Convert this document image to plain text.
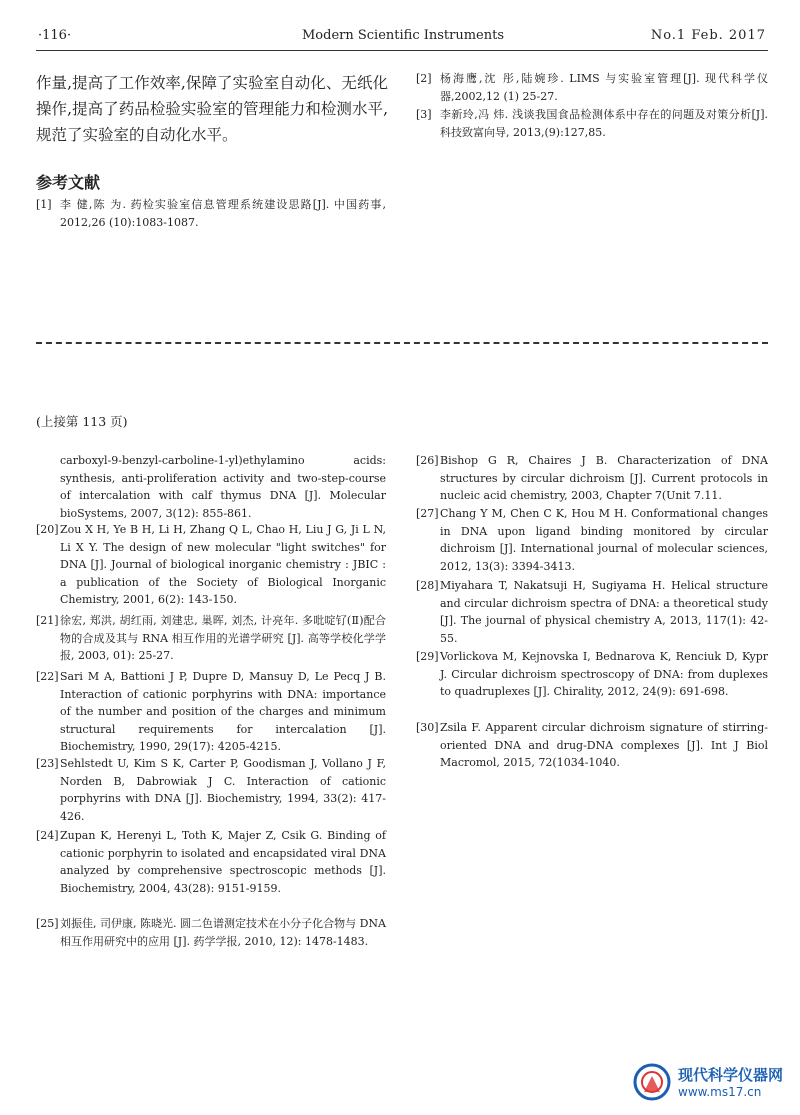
·116·	Modern Scientific Instruments	No.1 Feb. 2017
作量,提高了工作效率,保障了实验室自动化、无纸化操作,提高了药品检验实验室的管理能力和检测水平,规范了实验室的自动化水平。
参考文献
[1] 李 健,陈 为. 药检实验室信息管理系统建设思路[J]. 中国药事, 2012,26 (10):1083-1087.
[2] 杨海鹰,沈 彤,陆婉珍. LIMS 与实验室管理[J]. 现代科学仪器,2002,12 (1) 25-27.
[3] 李新玲,冯 炜. 浅谈我国食品检测体系中存在的问题及对策分析[J]. 科技致富向导, 2013,(9):127,85.
(上接第 113 页)
carboxyl-9-benzyl-carboline-1-yl)ethylamino acids: synthesis, anti-proliferation activity and two-step-course of intercalation with calf thymus DNA [J]. Molecular bioSystems, 2007, 3(12): 855-861.
[20] Zou X H, Ye B H, Li H, Zhang Q L, Chao H, Liu J G, Ji L N, Li X Y. The design of new molecular "light switches" for DNA [J]. Journal of biological inorganic chemistry : JBIC : a publication of the Society of Biological Inorganic Chemistry, 2001, 6(2): 143-150.
[21] 徐宏, 郑洪, 胡红雨, 刘建忠, 巢晖, 刘杰, 计亮年. 多吡啶钌(Ⅱ)配合物的合成及其与 RNA 相互作用的光谱学研究 [J]. 高等学校化学学报, 2003, 01): 25-27.
[22] Sari M A, Battioni J P, Dupre D, Mansuy D, Le Pecq J B. Interaction of cationic porphyrins with DNA: importance of the number and position of the charges and minimum structural requirements for intercalation [J]. Biochemistry, 1990, 29(17): 4205-4215.
[23] Sehlstedt U, Kim S K, Carter P, Goodisman J, Vollano J F, Norden B, Dabrowiak J C. Interaction of cationic porphyrins with DNA [J]. Biochemistry, 1994, 33(2): 417-426.
[24] Zupan K, Herenyi L, Toth K, Majer Z, Csik G. Binding of cationic porphyrin to isolated and encapsidated viral DNA analyzed by comprehensive spectroscopic methods [J]. Biochemistry, 2004, 43(28): 9151-9159.
[25] 刘振佳, 司伊康, 陈晓光. 圆二色谱测定技术在小分子化合物与 DNA 相互作用研究中的应用 [J]. 药学学报, 2010, 12): 1478-1483.
[26] Bishop G R, Chaires J B. Characterization of DNA structures by circular dichroism [J]. Current protocols in nucleic acid chemistry, 2003, Chapter 7(Unit 7.11.
[27] Chang Y M, Chen C K, Hou M H. Conformational changes in DNA upon ligand binding monitored by circular dichroism [J]. International journal of molecular sciences, 2012, 13(3): 3394-3413.
[28] Miyahara T, Nakatsuji H, Sugiyama H. Helical structure and circular dichroism spectra of DNA: a theoretical study [J]. The journal of physical chemistry A, 2013, 117(1): 42-55.
[29] Vorlickova M, Kejnovska I, Bednarova K, Renciuk D, Kypr J. Circular dichroism spectroscopy of DNA: from duplexes to quadruplexes [J]. Chirality, 2012, 24(9): 691-698.
[30] Zsila F. Apparent circular dichroism signature of stirring-oriented DNA and drug-DNA complexes [J]. Int J Biol Macromol, 2015, 72(1034-1040.
现代科学仪器网
www.ms17.cn
